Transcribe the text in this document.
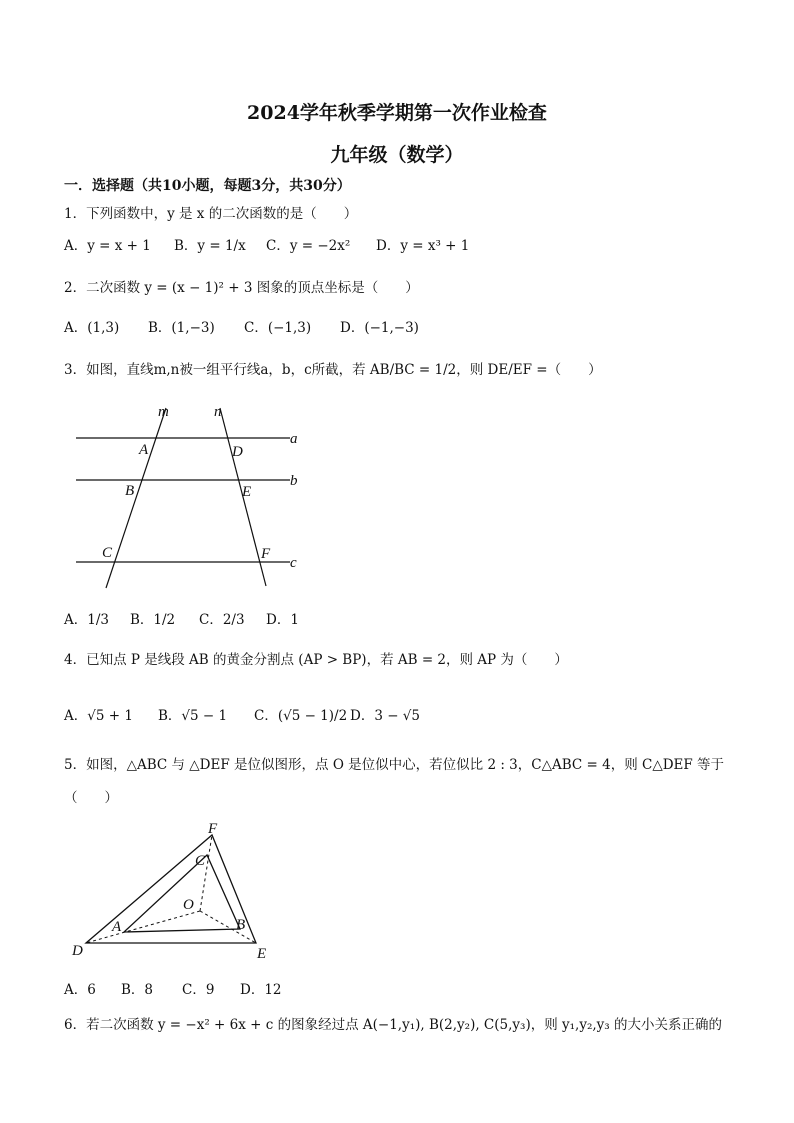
2024学年秋季学期第一次作业检查
九年级（数学）
一．选择题（共10小题，每题3分，共30分）
1．下列函数中，y 是 x 的二次函数的是（　　）
A．y = x + 1 B．y = 1/x C．y = −2x² D．y = x³ + 1
2．二次函数 y = (x − 1)² + 3 图象的顶点坐标是（　　）
A．(1,3) B．(1,−3) C．(−1,3) D．(−1,−3)
3．如图，直线m,n被一组平行线a，b，c所截，若 AB/BC = 1/2，则 DE/EF =（　　）
m	n
a
b
c
A
B
C
D
E
F
A．1/3 B．1/2 C．2/3 D．1
4．已知点 P 是线段 AB 的黄金分割点 (AP > BP)，若 AB = 2，则 AP 为（　　）
A．√5 + 1 B．√5 − 1 C．(√5 − 1)/2 D．3 − √5
5．如图，△ABC 与 △DEF 是位似图形，点 O 是位似中心，若位似比 2 : 3，C△ABC = 4，则 C△DEF 等于
（　　）
F
C
O
A	B
D	E
A．6 B．8 C．9 D．12
6．若二次函数 y = −x² + 6x + c 的图象经过点 A(−1,y₁), B(2,y₂), C(5,y₃)，则 y₁,y₂,y₃ 的大小关系正确的
